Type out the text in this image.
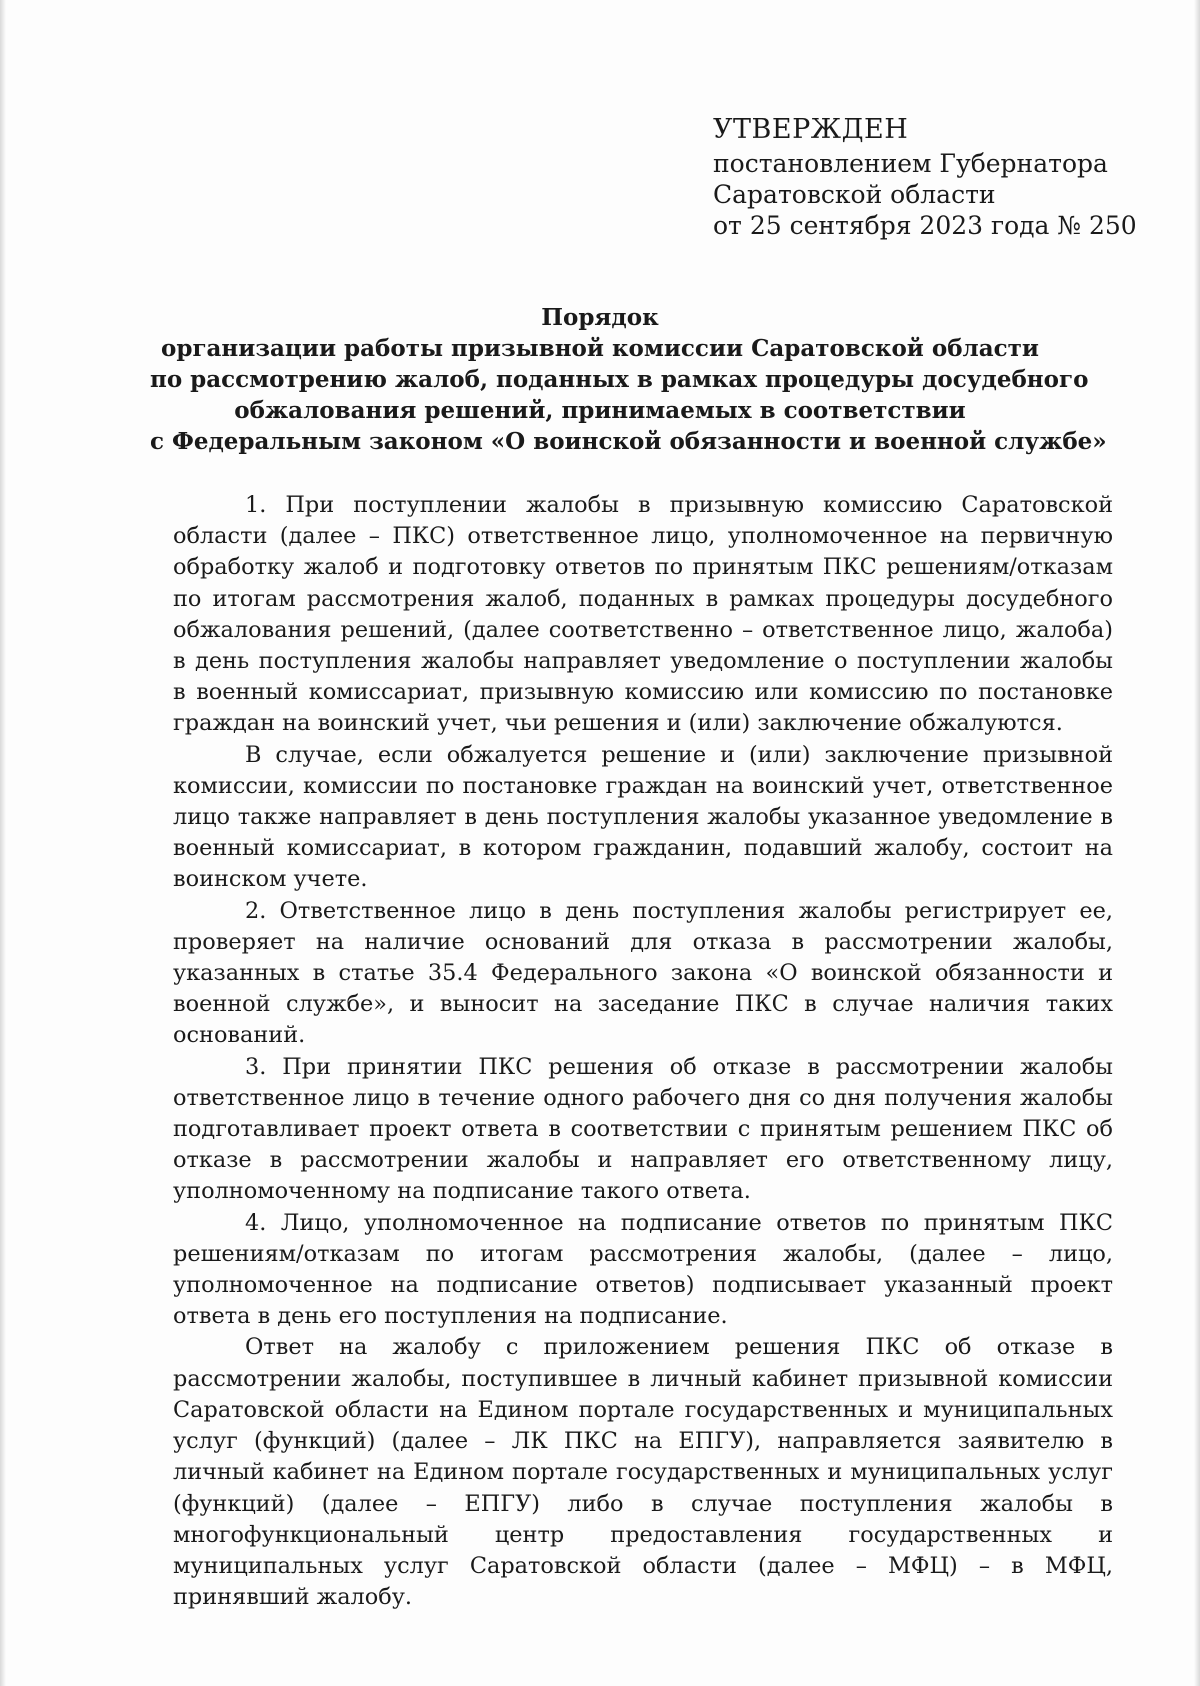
УТВЕРЖДЕН
постановлением Губернатора
Саратовской области
от 25 сентября 2023 года № 250
Порядок
организации работы призывной комиссии Саратовской области
по рассмотрению жалоб, поданных в рамках процедуры досудебного
обжалования решений, принимаемых в соответствии
с Федеральным законом «О воинской обязанности и военной службе»

1. При поступлении жалобы в призывную комиссию Саратовской области (далее – ПКС) ответственное лицо, уполномоченное на первичную обработку жалоб и подготовку ответов по принятым ПКС решениям/отказам по итогам рассмотрения жалоб, поданных в рамках процедуры досудебного обжалования решений, (далее соответственно – ответственное лицо, жалоба) в день поступления жалобы направляет уведомление о поступлении жалобы в военный комиссариат, призывную комиссию или комиссию по постановке граждан на воинский учет, чьи решения и (или) заключение обжалуются.

В случае, если обжалуется решение и (или) заключение призывной комиссии, комиссии по постановке граждан на воинский учет, ответственное лицо также направляет в день поступления жалобы указанное уведомление в военный комиссариат, в котором гражданин, подавший жалобу, состоит на воинском учете.

2. Ответственное лицо в день поступления жалобы регистрирует ее, проверяет на наличие оснований для отказа в рассмотрении жалобы, указанных в статье 35.4 Федерального закона «О воинской обязанности и военной службе», и выносит на заседание ПКС в случае наличия таких оснований.

3. При принятии ПКС решения об отказе в рассмотрении жалобы ответственное лицо в течение одного рабочего дня со дня получения жалобы подготавливает проект ответа в соответствии с принятым решением ПКС об отказе в рассмотрении жалобы и направляет его ответственному лицу, уполномоченному на подписание такого ответа.

4. Лицо, уполномоченное на подписание ответов по принятым ПКС решениям/отказам по итогам рассмотрения жалобы, (далее – лицо, уполномоченное на подписание ответов) подписывает указанный проект ответа в день его поступления на подписание.

Ответ на жалобу с приложением решения ПКС об отказе в рассмотрении жалобы, поступившее в личный кабинет призывной комиссии Саратовской области на Едином портале государственных и муниципальных услуг (функций) (далее – ЛК ПКС на ЕПГУ), направляется заявителю в личный кабинет на Едином портале государственных и муниципальных услуг (функций) (далее – ЕПГУ) либо в случае поступления жалобы в многофункциональный центр предоставления государственных и муниципальных услуг Саратовской области (далее – МФЦ) – в МФЦ, принявший жалобу.
